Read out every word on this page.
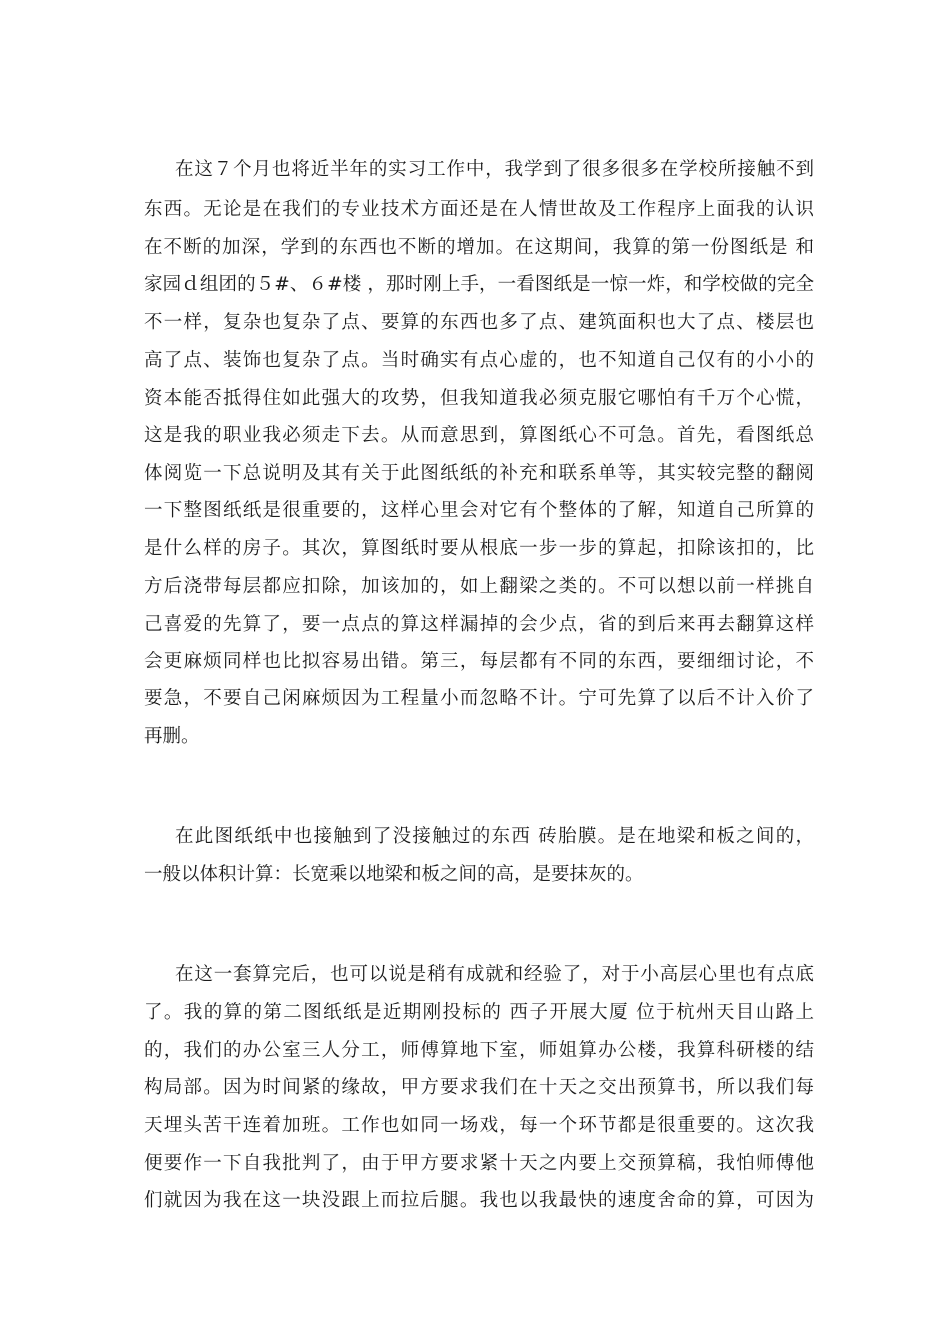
在这７个月也将近半年的实习工作中，我学到了很多很多在学校所接触不到
东西。无论是在我们的专业技术方面还是在人情世故及工作程序上面我的认识
在不断的加深，学到的东西也不断的增加。在这期间，我算的第一份图纸是 和
家园ｄ组团的５#、６#楼 ，那时刚上手，一看图纸是一惊一炸，和学校做的完全
不一样，复杂也复杂了点、要算的东西也多了点、建筑面积也大了点、楼层也
高了点、装饰也复杂了点。当时确实有点心虚的，也不知道自己仅有的小小的
资本能否抵得住如此强大的攻势，但我知道我必须克服它哪怕有千万个心慌，
这是我的职业我必须走下去。从而意思到，算图纸心不可急。首先，看图纸总
体阅览一下总说明及其有关于此图纸纸的补充和联系单等，其实较完整的翻阅
一下整图纸纸是很重要的，这样心里会对它有个整体的了解，知道自己所算的
是什么样的房子。其次，算图纸时要从根底一步一步的算起，扣除该扣的，比
方后浇带每层都应扣除，加该加的，如上翻梁之类的。不可以想以前一样挑自
己喜爱的先算了，要一点点的算这样漏掉的会少点，省的到后来再去翻算这样
会更麻烦同样也比拟容易出错。第三，每层都有不同的东西，要细细讨论，不
要急，不要自己闲麻烦因为工程量小而忽略不计。宁可先算了以后不计入价了
再删。
在此图纸纸中也接触到了没接触过的东西 砖胎膜。是在地梁和板之间的，
一般以体积计算：长宽乘以地梁和板之间的高，是要抹灰的。
在这一套算完后，也可以说是稍有成就和经验了，对于小高层心里也有点底
了。我的算的第二图纸纸是近期刚投标的 西子开展大厦 位于杭州天目山路上
的，我们的办公室三人分工，师傅算地下室，师姐算办公楼，我算科研楼的结
构局部。因为时间紧的缘故，甲方要求我们在十天之交出预算书，所以我们每
天埋头苦干连着加班。工作也如同一场戏，每一个环节都是很重要的。这次我
便要作一下自我批判了，由于甲方要求紧十天之内要上交预算稿，我怕师傅他
们就因为我在这一块没跟上而拉后腿。我也以我最快的速度舍命的算，可因为
